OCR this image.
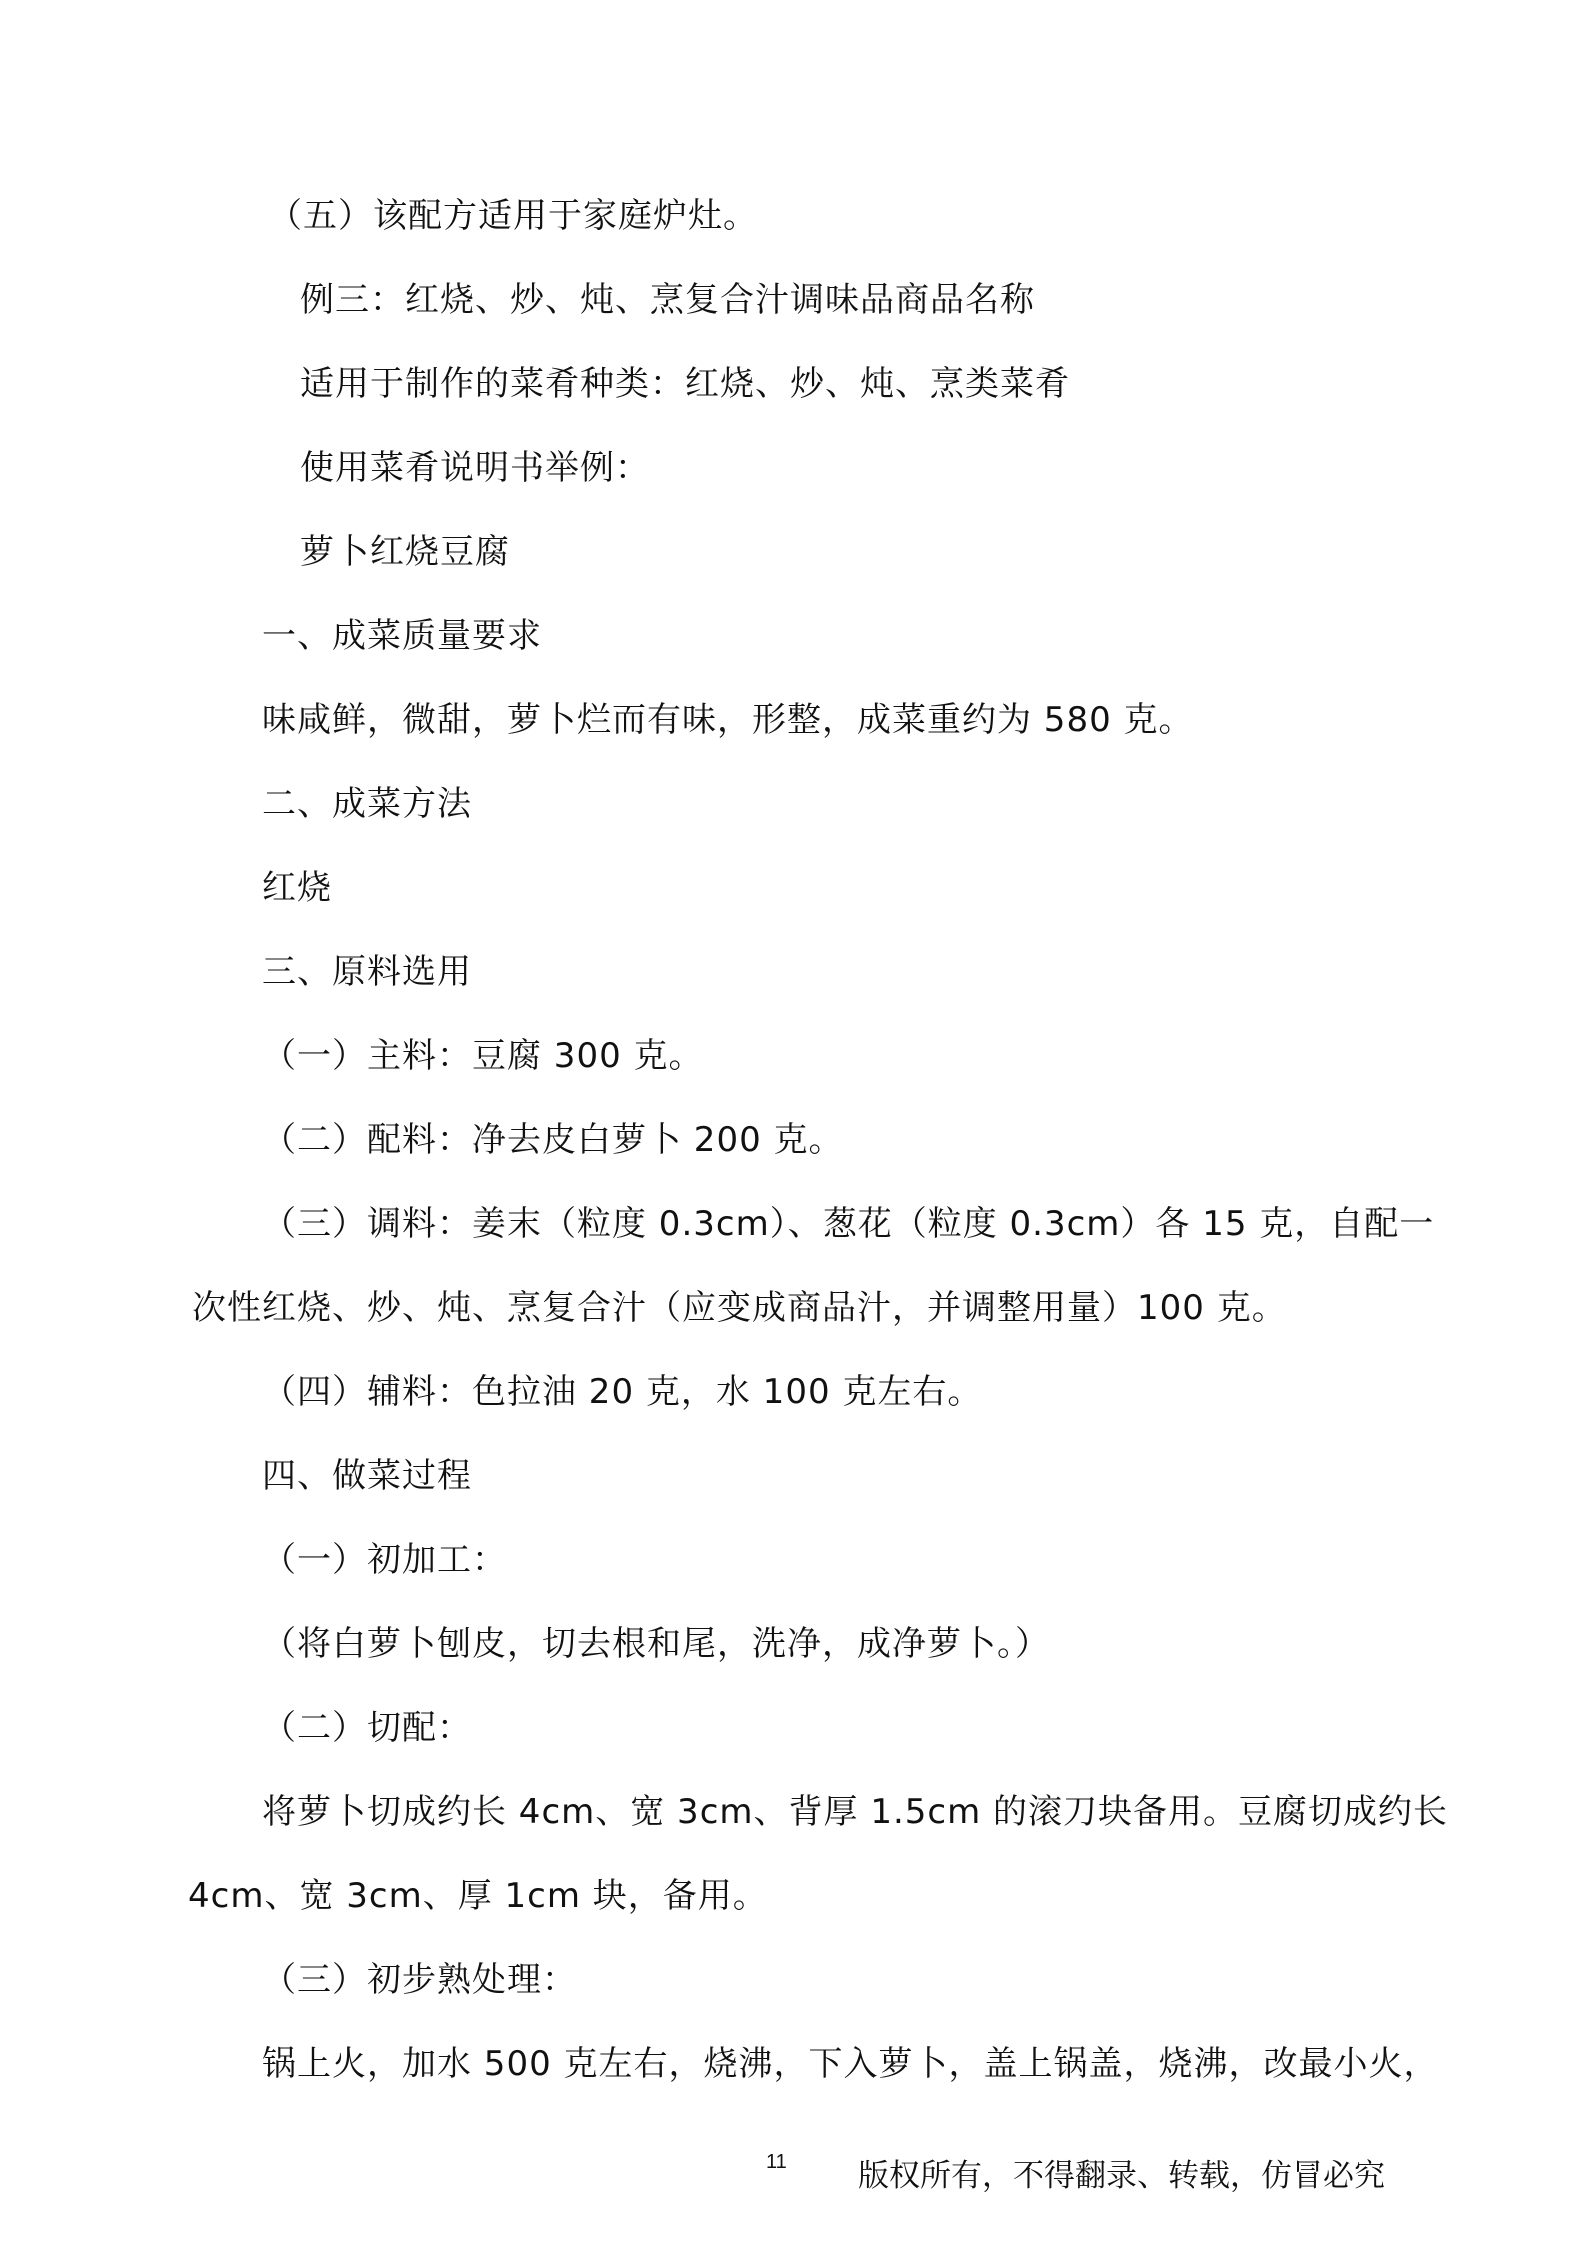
（五）该配方适用于家庭炉灶。
例三：红烧、炒、炖、烹复合汁调味品商品名称
适用于制作的菜肴种类：红烧、炒、炖、烹类菜肴
使用菜肴说明书举例：
萝卜红烧豆腐
一、成菜质量要求
味咸鲜，微甜，萝卜烂而有味，形整，成菜重约为 580 克。
二、成菜方法
红烧
三、原料选用
（一）主料：豆腐 300 克。
（二）配料：净去皮白萝卜 200 克。
（三）调料：姜末（粒度 0.3cm）、葱花（粒度 0.3cm）各 15 克，自配一
次性红烧、炒、炖、烹复合汁（应变成商品汁，并调整用量）100 克。
（四）辅料：色拉油 20 克，水 100 克左右。
四、做菜过程
（一）初加工：
（将白萝卜刨皮，切去根和尾，洗净，成净萝卜。）
（二）切配：
将萝卜切成约长 4cm、宽 3cm、背厚 1.5cm 的滚刀块备用。豆腐切成约长
4cm、宽 3cm、厚 1cm 块，备用。
（三）初步熟处理：
锅上火，加水 500 克左右，烧沸，下入萝卜，盖上锅盖，烧沸，改最小火，
11 版权所有，不得翻录、转载，仿冒必究
